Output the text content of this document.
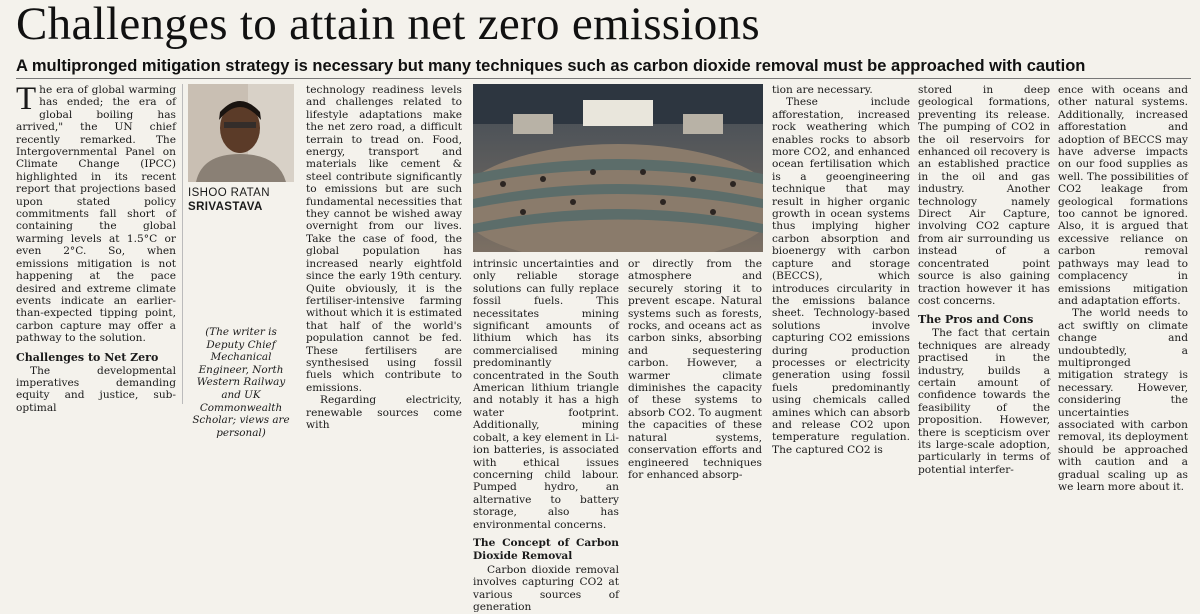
Challenges to attain net zero emissions
A multipronged mitigation strategy is necessary but many techniques such as carbon dioxide removal must be approached with caution

The era of global warming has ended; the era of global boiling has arrived," the UN chief recently remarked. The Intergovernmental Panel on Climate Change (IPCC) highlighted in its recent report that projections based upon stated policy commitments fall short of containing the global warming levels at 1.5°C or even 2°C. So, when emissions mitigation is not happening at the pace desired and extreme climate events indicate an earlier-than-expected tipping point, carbon capture may offer a pathway to the solution.

Challenges to Net Zero

The developmental imperatives demanding equity and justice, sub-optimal

ISHOO RATAN
SRIVASTAVA
(The writer is Deputy Chief Mechanical Engineer, North Western Railway and UK Commonwealth Scholar; views are personal)

technology readiness levels and challenges related to lifestyle adaptations make the net zero road, a difficult terrain to tread on. Food, energy, transport and materials like cement & steel contribute significantly to emissions but are such fundamental necessities that they cannot be wished away overnight from our lives. Take the case of food, the global population has increased nearly eightfold since the early 19th century. Quite obviously, it is the fertiliser-intensive farming without which it is estimated that half of the world's population cannot be fed. These fertilisers are synthesised using fossil fuels which contribute to emissions.

Regarding electricity, renewable sources come with

intrinsic uncertainties and only reliable storage solutions can fully replace fossil fuels. This necessitates mining significant amounts of lithium which has its commercialised mining predominantly concentrated in the South American lithium triangle and notably it has a high water footprint. Additionally, mining cobalt, a key element in Li-ion batteries, is associated with ethical issues concerning child labour. Pumped hydro, an alternative to battery storage, also has environmental concerns.

The Concept of Carbon Dioxide Removal

Carbon dioxide removal involves capturing CO2 at various sources of generation

or directly from the atmosphere and securely storing it to prevent escape. Natural systems such as forests, rocks, and oceans act as carbon sinks, absorbing and sequestering carbon. However, a warmer climate diminishes the capacity of these systems to absorb CO2. To augment the capacities of these natural systems, conservation efforts and engineered techniques for enhanced absorp-

tion are necessary.

These include afforestation, increased rock weathering which enables rocks to absorb more CO2, and enhanced ocean fertilisation which is a geoengineering technique that may result in higher organic growth in ocean systems thus implying higher carbon absorption and bioenergy with carbon capture and storage (BECCS), which introduces circularity in the emissions balance sheet. Technology-based solutions involve capturing CO2 emissions during production processes or electricity generation using fossil fuels predominantly using chemicals called amines which can absorb and release CO2 upon temperature regulation. The captured CO2 is

stored in deep geological formations, preventing its release. The pumping of CO2 in the oil reservoirs for enhanced oil recovery is an established practice in the oil and gas industry. Another technology namely Direct Air Capture, involving CO2 capture from air surrounding us instead of a concentrated point source is also gaining traction however it has cost concerns.

The Pros and Cons

The fact that certain techniques are already practised in the industry, builds a certain amount of confidence towards the feasibility of the proposition. However, there is scepticism over its large-scale adoption, particularly in terms of potential interfer-

ence with oceans and other natural systems. Additionally, increased afforestation and adoption of BECCS may have adverse impacts on our food supplies as well. The possibilities of CO2 leakage from geological formations too cannot be ignored. Also, it is argued that excessive reliance on carbon removal pathways may lead to complacency in emissions mitigation and adaptation efforts.

The world needs to act swiftly on climate change and undoubtedly, a multipronged mitigation strategy is necessary. However, considering the uncertainties associated with carbon removal, its deployment should be approached with caution and a gradual scaling up as we learn more about it.
